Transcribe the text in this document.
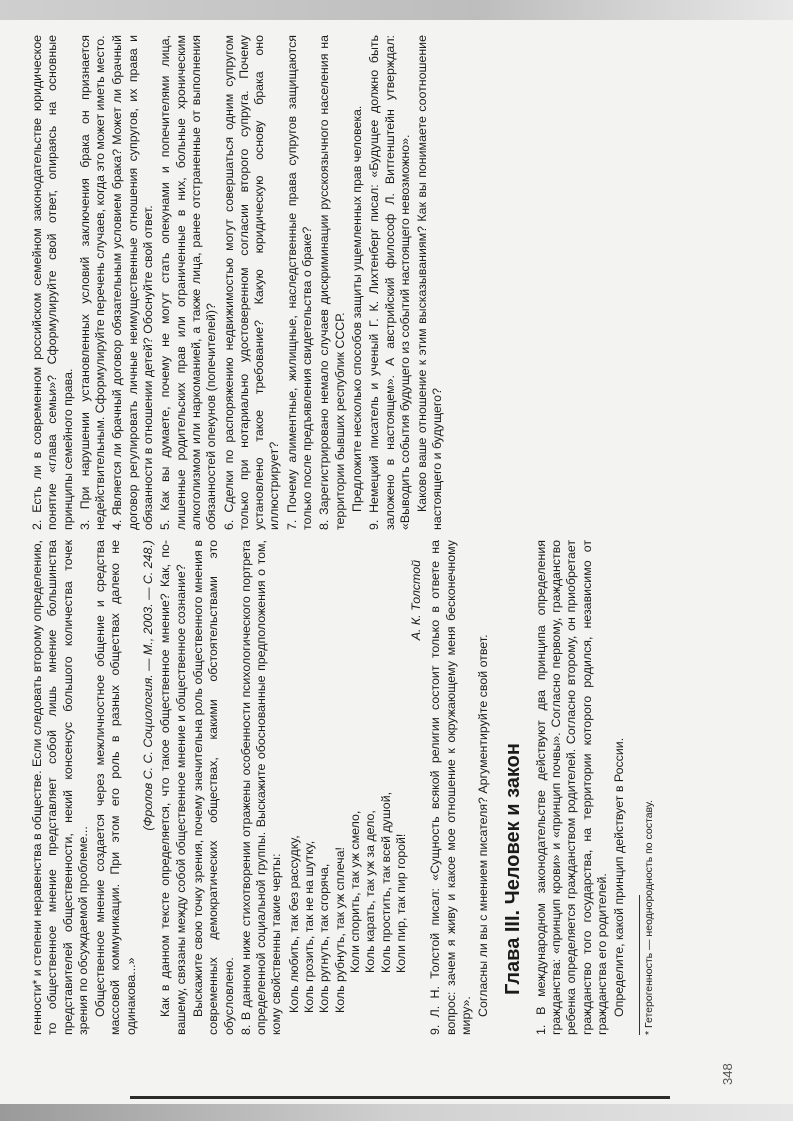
348

генности* и степени неравенства в обществе. Если следовать второму определению, то общественное мнение представляет собой лишь мнение большинства представителей общественности, некий консенсус большого количества точек зрения по обсуждаемой проблеме... Общественное мнение создается через межличностное общение и средства массовой коммуникации. При этом его роль в разных обществах далеко не одинакова...»

(Фролов С. С. Социология. — М., 2003. — С. 248.) Как в данном тексте определяется, что такое общественное мнение? Как, по-вашему, связаны между собой общественное мнение и общественное сознание? Выскажите свою точку зрения, почему значительна роль общественного мнения в современных демократических обществах, какими обстоятельствами это обусловлено. 8. В данном ниже стихотворении отражены особенности психологического портрета определенной социальной группы. Выскажите обоснованные предположения о том, кому свойственны такие черты: Коль любить, так без рассудку, Коль грозить, так не на шутку, Коль ругнуть, так сгоряча, Коль рубнуть, так уж сплеча! Коли спорить, так уж смело, Коль карать, так уж за дело, Коль простить, так всей душой, Коли пир, так пир горой!

А. К. Толстой 9. Л. Н. Толстой писал: «Сущность всякой религии состоит только в ответе на вопрос: зачем я живу и какое мое отношение к окружающему меня бесконечному миру». Согласны ли вы с мнением писателя? Аргументируйте свой ответ. Глава III. Человек и закон 1. В международном законодательстве действуют два принципа определения гражданства: «принцип крови» и «принцип почвы». Согласно первому, гражданство ребенка определяется гражданством родителей. Согласно второму, он приобретает гражданство того государства, на территории которого родился, независимо от гражданства его родителей. Определите, какой принцип действует в России. * Гетерогенность — неоднородность по составу.

2. Есть ли в современном российском семейном законодательстве юридическое понятие «глава семьи»? Сформулируйте свой ответ, опираясь на основные принципы семейного права. 3. При нарушении установленных условий заключения брака он признается недействительным. Сформулируйте перечень случаев, когда это может иметь место. 4. Является ли брачный договор обязательным условием брака? Может ли брачный договор регулировать личные неимущественные отношения супругов, их права и обязанности в отношении детей? Обоснуйте свой ответ. 5. Как вы думаете, почему не могут стать опекунами и попечителями лица, лишенные родительских прав или ограниченные в них, больные хроническим алкоголизмом или наркоманией, а также лица, ранее отстраненные от выполнения обязанностей опекунов (попечителей)? 6. Сделки по распоряжению недвижимостью могут совершаться одним супругом только при нотариально удостоверенном согласии второго супруга. Почему установлено такое требование? Какую юридическую основу брака оно иллюстрирует? 7. Почему алиментные, жилищные, наследственные права супругов защищаются только после предъявления свидетельства о браке? 8. Зарегистрировано немало случаев дискриминации русскоязычного населения на территории бывших республик СССР. Предложите несколько способов защиты ущемленных прав человека. 9. Немецкий писатель и ученый Г. К. Лихтенберг писал: «Будущее должно быть заложено в настоящем». А австрийский философ Л. Витгенштейн утверждал: «Выводить события будущего из событий настоящего невозможно». Каково ваше отношение к этим высказываниям? Как вы понимаете соотношение настоящего и будущего?
